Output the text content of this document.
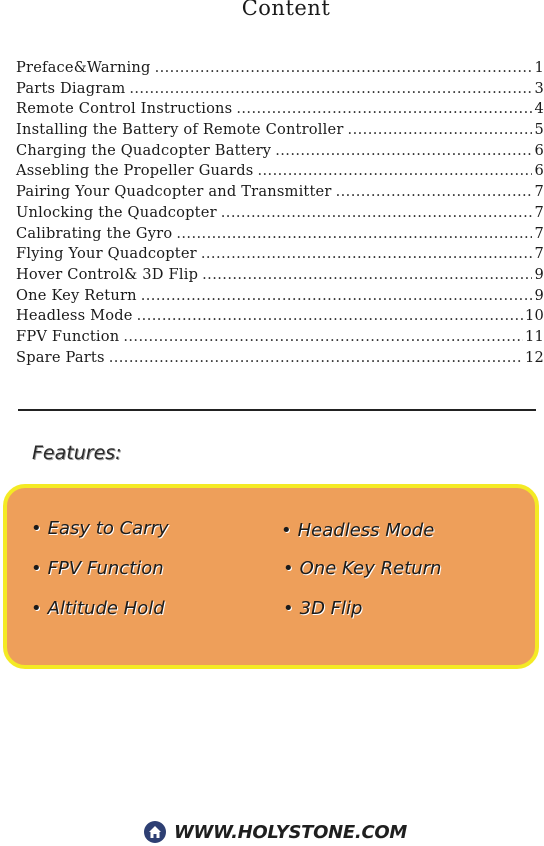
Content
Preface&Warning .....	1
Parts Diagram .....	3
Remote Control Instructions .....	4
Installing the Battery of Remote Controller .....	5
Charging the Quadcopter Battery .....	6
Assebling the Propeller Guards .....	6
Pairing Your Quadcopter and Transmitter .....	7
Unlocking the Quadcopter .....	7
Calibrating the Gyro .....	7
Flying Your Quadcopter .....	7
Hover Control& 3D Flip .....	9
One Key Return .....	9
Headless Mode .....	10
FPV Function .....	11
Spare Parts .....	12
Features:
• Easy to Carry
• FPV Function
• Altitude Hold
• Headless Mode
• One Key Return
• 3D Flip
WWW.HOLYSTONE.COM
